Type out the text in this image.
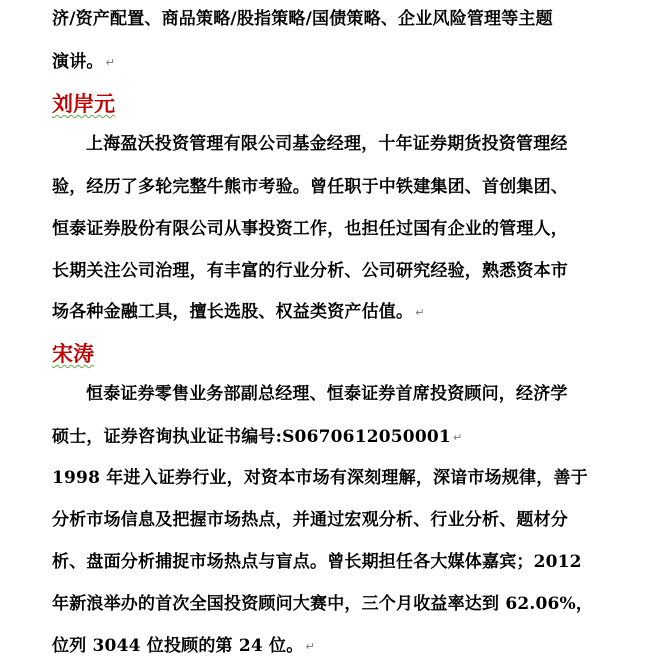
济/资产配置、商品策略/股指策略/国债策略、企业风险管理等主题
演讲。 ↵
刘岸元
上海盈沃投资管理有限公司基金经理，十年证券期货投资管理经
验，经历了多轮完整牛熊市考验。曾任职于中铁建集团、首创集团、
恒泰证券股份有限公司从事投资工作，也担任过国有企业的管理人，
长期关注公司治理，有丰富的行业分析、公司研究经验，熟悉资本市
场各种金融工具，擅长选股、权益类资产估值。 ↵
宋涛
恒泰证券零售业务部副总经理、恒泰证券首席投资顾问，经济学
硕士，证券咨询执业证书编号:S0670612050001 ↵
1998 年进入证券行业，对资本市场有深刻理解，深谙市场规律，善于
分析市场信息及把握市场热点，并通过宏观分析、行业分析、题材分
析、盘面分析捕捉市场热点与盲点。曾长期担任各大媒体嘉宾；2012
年新浪举办的首次全国投资顾问大赛中，三个月收益率达到 62.06%，
位列 3044 位投顾的第 24 位。 ↵
